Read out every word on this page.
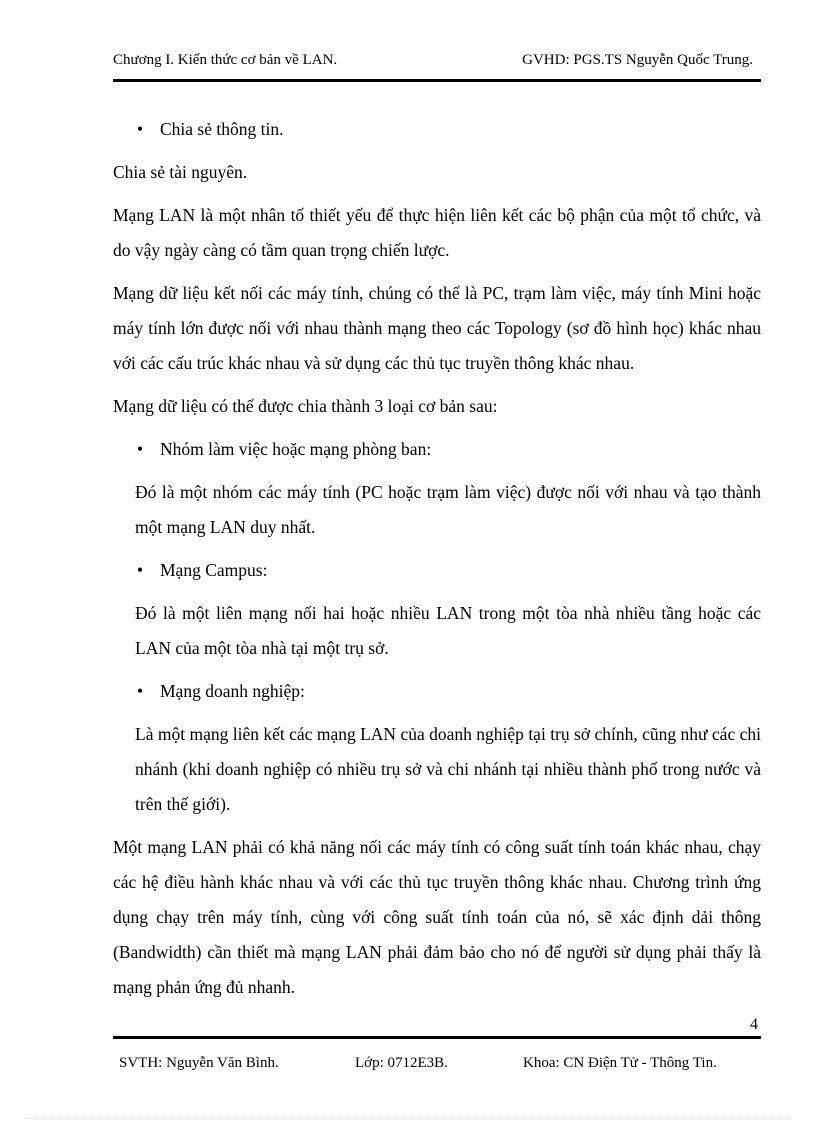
Chương I. Kiến thức cơ bản về LAN.	GVHD: PGS.TS Nguyễn Quốc Trung.
• Chia sẻ thông tin.

Chia sẻ tài nguyên.

Mạng LAN là một nhân tố thiết yếu để thực hiện liên kết các bộ phận của một tổ chức, và do vậy ngày càng có tầm quan trọng chiến lược.

Mạng dữ liệu kết nối các máy tính, chúng có thể là PC, trạm làm việc, máy tính Mini hoặc máy tính lớn được nối với nhau thành mạng theo các Topology (sơ đồ hình học) khác nhau với các cấu trúc khác nhau và sử dụng các thủ tục truyền thông khác nhau.

Mạng dữ liệu có thể được chia thành 3 loại cơ bản sau:

• Nhóm làm việc hoặc mạng phòng ban:

Đó là một nhóm các máy tính (PC hoặc trạm làm việc) được nối với nhau và tạo thành một mạng LAN duy nhất.

• Mạng Campus:

Đó là một liên mạng nối hai hoặc nhiều LAN trong một tòa nhà nhiều tầng hoặc các LAN của một tòa nhà tại một trụ sở.

• Mạng doanh nghiệp:

Là một mạng liên kết các mạng LAN của doanh nghiệp tại trụ sở chính, cũng như các chi nhánh (khi doanh nghiệp có nhiều trụ sở và chi nhánh tại nhiều thành phố trong nước và trên thế giới).

Một mạng LAN phải có khả năng nối các máy tính có công suất tính toán khác nhau, chạy các hệ điều hành khác nhau và với các thủ tục truyền thông khác nhau. Chương trình ứng dụng chạy trên máy tính, cùng với công suất tính toán của nó, sẽ xác định dải thông (Bandwidth) cần thiết mà mạng LAN phải đảm bảo cho nó để người sử dụng phải thấy là mạng phản ứng đủ nhanh.

4
SVTH: Nguyễn Văn Bình.	Lớp: 0712E3B.	Khoa: CN Điện Tử - Thông Tin.
